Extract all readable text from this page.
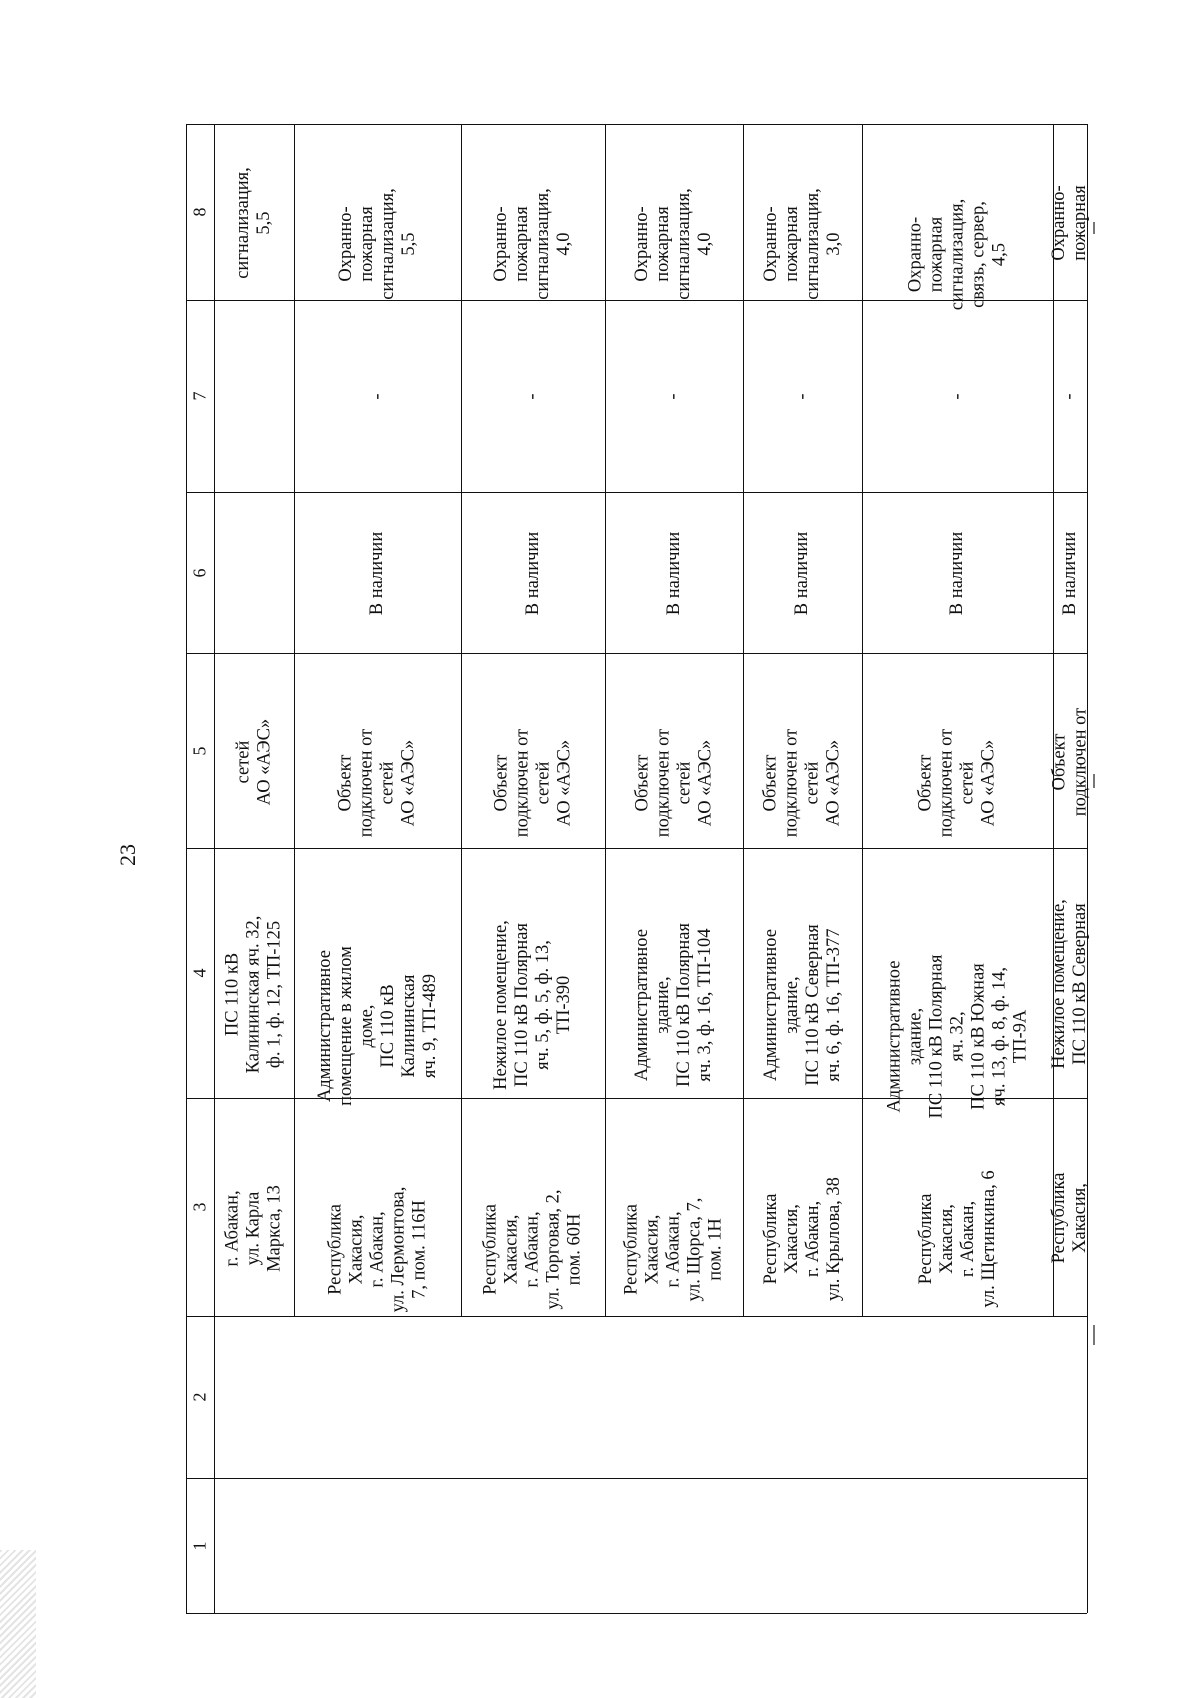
23
1
2
3
4
5
6
7
8
г. Абакан,
ул. Карла
Маркса, 13
ПС 110 кВ
Калининская яч. 32,
ф. 1, ф. 12, ТП-125
сетей
АО «АЭС»
сигнализация,
5,5
Республика
Хакасия,
г. Абакан,
ул. Лермонтова,
7, пом. 116Н
Административное
помещение в жилом
доме,
ПС 110 кВ
Калининская
яч. 9, ТП-489
Объект
подключен от
сетей
АО «АЭС»
В наличии
-
Охранно-
пожарная
сигнализация,
5,5
Республика
Хакасия,
г. Абакан,
ул. Торговая, 2,
пом. 60Н
Нежилое помещение,
ПС 110 кВ Полярная
яч. 5, ф. 5, ф. 13,
ТП-390
Объект
подключен от
сетей
АО «АЭС»
В наличии
-
Охранно-
пожарная
сигнализация,
4,0
Республика
Хакасия,
г. Абакан,
ул. Щорса, 7,
пом. 1Н
Административное
здание,
ПС 110 кВ Полярная
яч. 3, ф. 16, ТП-104
Объект
подключен от
сетей
АО «АЭС»
В наличии
-
Охранно-
пожарная
сигнализация,
4,0
Республика
Хакасия,
г. Абакан,
ул. Крылова, 38
Административное
здание,
ПС 110 кВ Северная
яч. 6, ф. 16, ТП-377
Объект
подключен от
сетей
АО «АЭС»
В наличии
-
Охранно-
пожарная
сигнализация,
3,0
Республика
Хакасия,
г. Абакан,
ул. Щетинкина, 6
Административное
здание,
ПС 110 кВ Полярная
яч. 32,
ПС 110 кВ Южная
яч. 13, ф. 8, ф. 14,
ТП-9А
Объект
подключен от
сетей
АО «АЭС»
В наличии
-
Охранно-
пожарная
сигнализация,
связь, сервер,
4,5
Республика
Хакасия,
Нежилое помещение,
ПС 110 кВ Северная
Объект
подключен от
В наличии
-
Охранно-
пожарная
